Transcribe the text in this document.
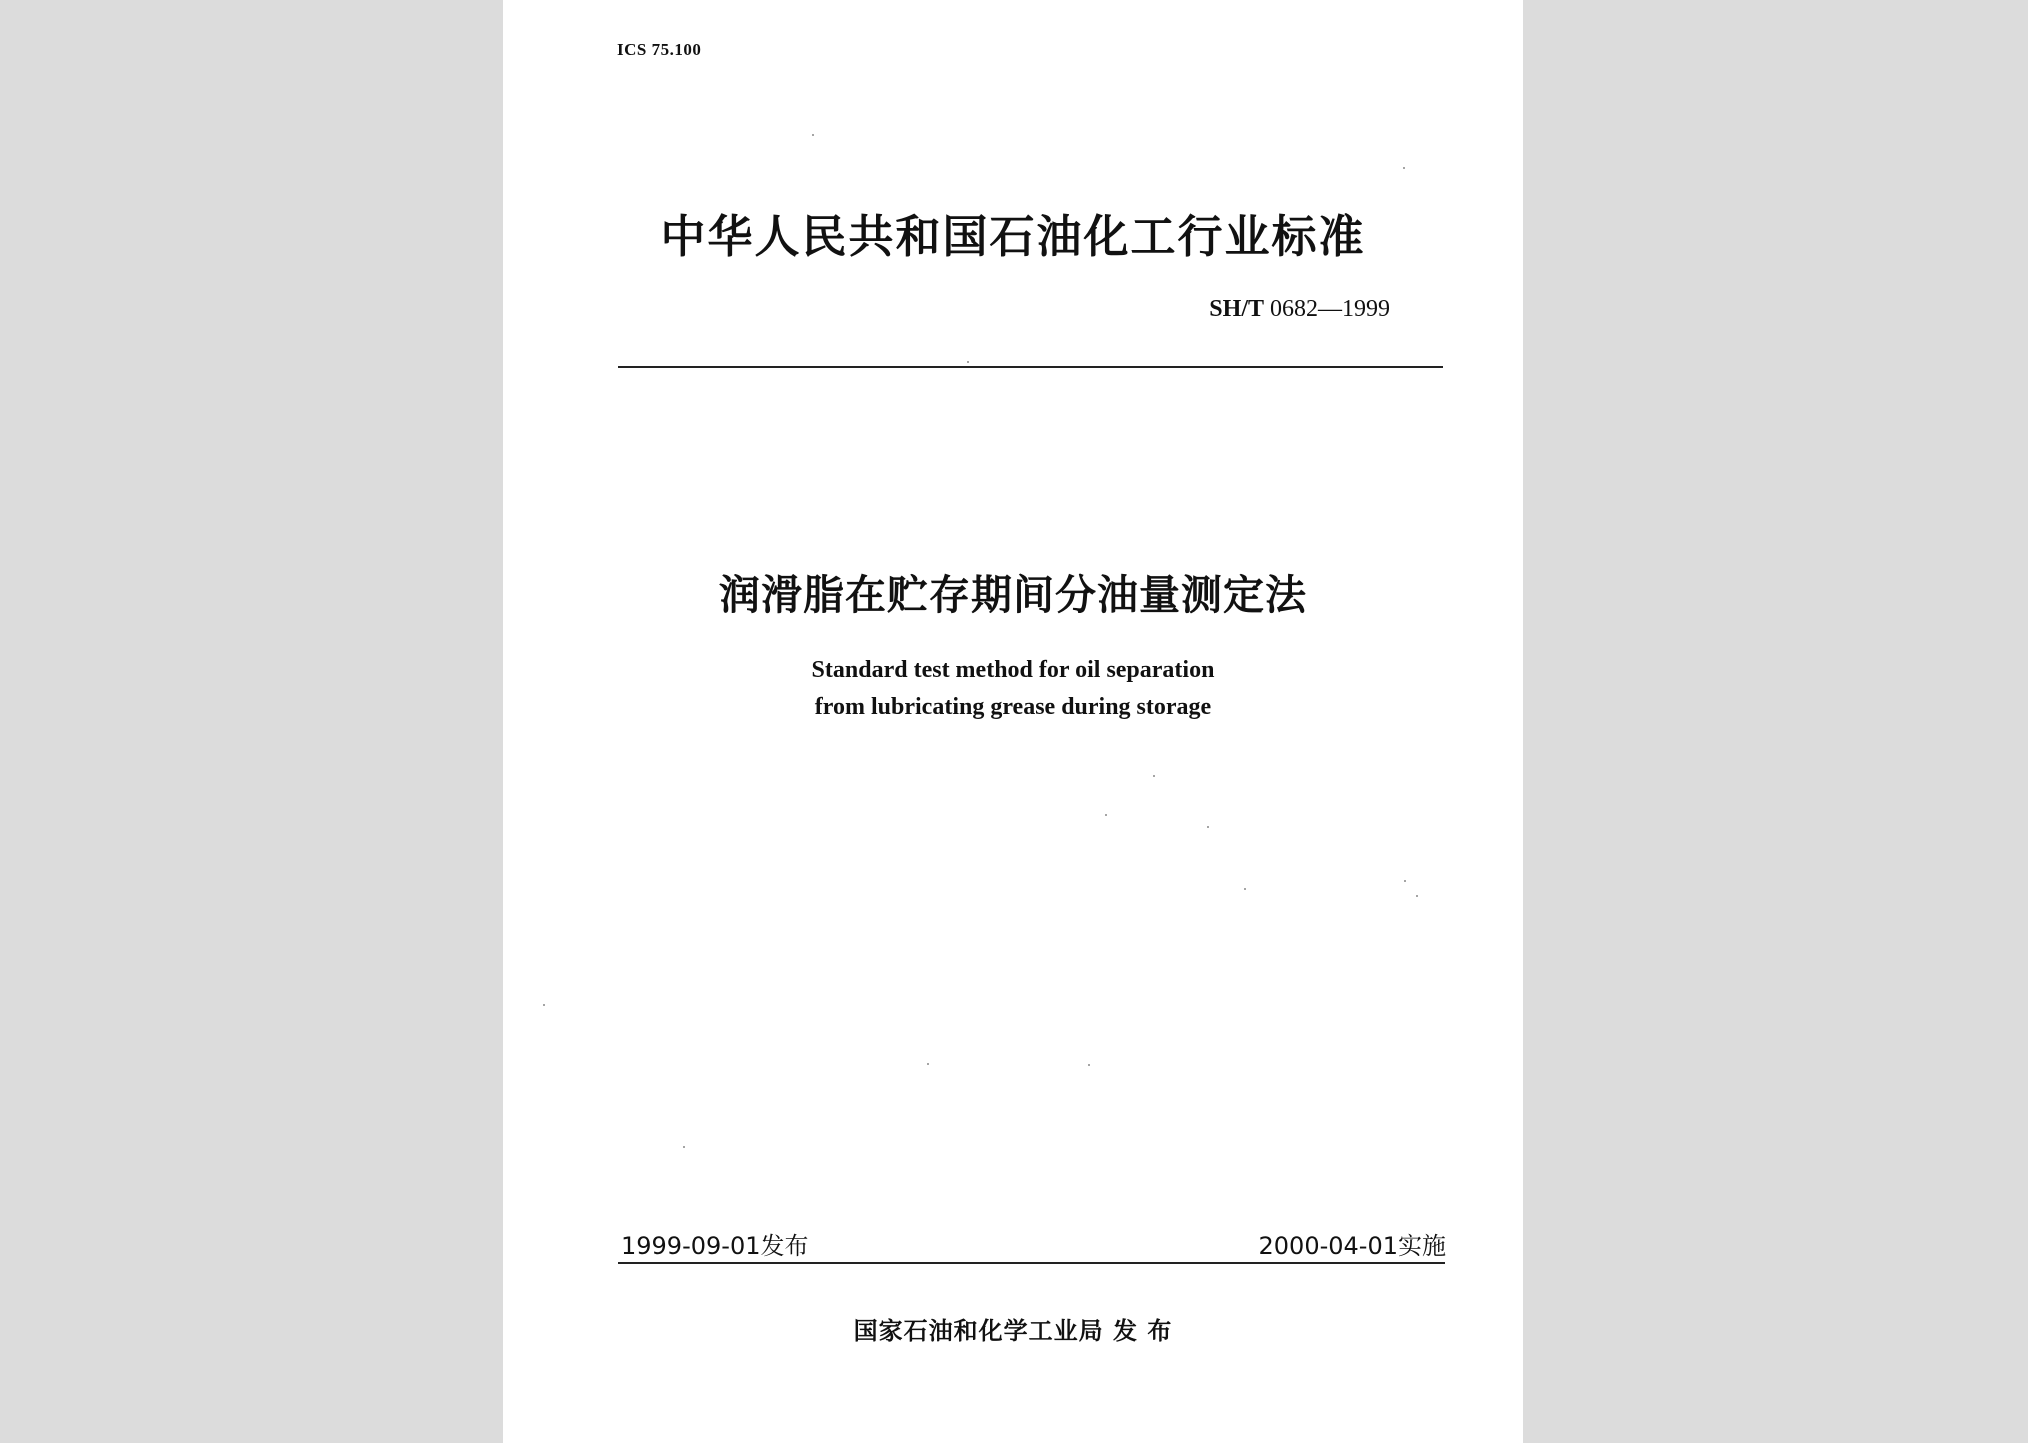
ICS 75.100
中华人民共和国石油化工行业标准
SH/T 0682—1999
润滑脂在贮存期间分油量测定法
Standard test method for oil separation
from lubricating grease during storage
1999-09-01发布	2000-04-01实施
国家石油和化学工业局 发 布
